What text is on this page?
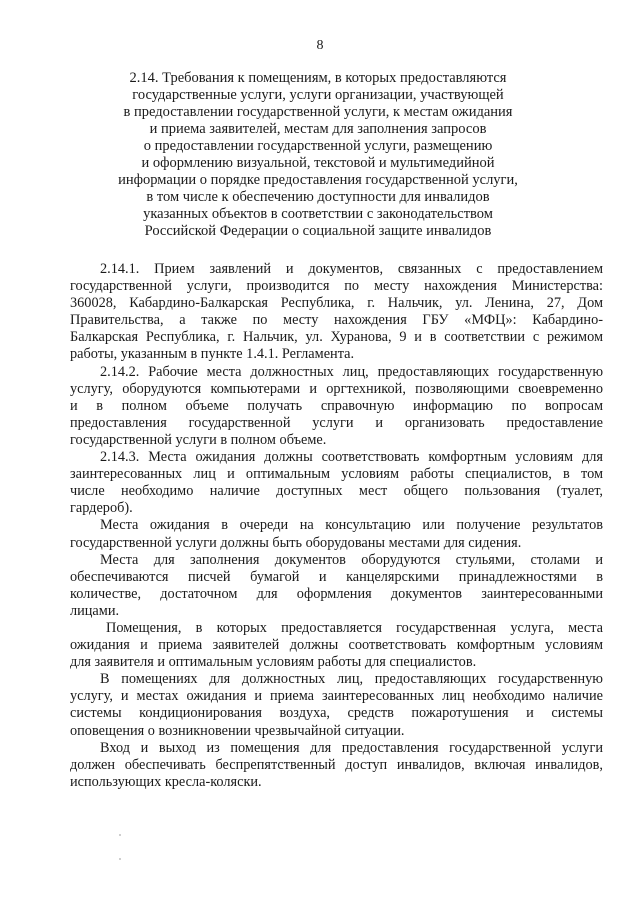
8
2.14. Требования к помещениям, в которых предоставляются
государственные услуги, услуги организации, участвующей
в предоставлении государственной услуги, к местам ожидания
и приема заявителей, местам для заполнения запросов
о предоставлении государственной услуги, размещению
и оформлению визуальной, текстовой и мультимедийной
информации о порядке предоставления государственной услуги,
в том числе к обеспечению доступности для инвалидов
указанных объектов в соответствии с законодательством
Российской Федерации о социальной защите инвалидов
2.14.1. Прием заявлений и документов, связанных с предоставлением
государственной услуги, производится по месту нахождения Министерства:
360028, Кабардино-Балкарская Республика, г. Нальчик, ул. Ленина, 27, Дом
Правительства, а также по месту нахождения ГБУ «МФЦ»: Кабардино-
Балкарская Республика, г. Нальчик, ул. Хуранова, 9 и в соответствии с режимом
работы, указанным в пункте 1.4.1. Регламента.
2.14.2. Рабочие места должностных лиц, предоставляющих государственную
услугу, оборудуются компьютерами и оргтехникой, позволяющими своевременно
и в полном объеме получать справочную информацию по вопросам
предоставления государственной услуги и организовать предоставление
государственной услуги в полном объеме.
2.14.3. Места ожидания должны соответствовать комфортным условиям для
заинтересованных лиц и оптимальным условиям работы специалистов, в том
числе необходимо наличие доступных мест общего пользования (туалет,
гардероб).
Места ожидания в очереди на консультацию или получение результатов
государственной услуги должны быть оборудованы местами для сидения.
Места для заполнения документов оборудуются стульями, столами и
обеспечиваются писчей бумагой и канцелярскими принадлежностями в
количестве, достаточном для оформления документов заинтересованными
лицами.
Помещения, в которых предоставляется государственная услуга, места
ожидания и приема заявителей должны соответствовать комфортным условиям
для заявителя и оптимальным условиям работы для специалистов.
В помещениях для должностных лиц, предоставляющих государственную
услугу, и местах ожидания и приема заинтересованных лиц необходимо наличие
системы кондиционирования воздуха, средств пожаротушения и системы
оповещения о возникновении чрезвычайной ситуации.
Вход и выход из помещения для предоставления государственной услуги
должен обеспечивать беспрепятственный доступ инвалидов, включая инвалидов,
использующих кресла-коляски.
